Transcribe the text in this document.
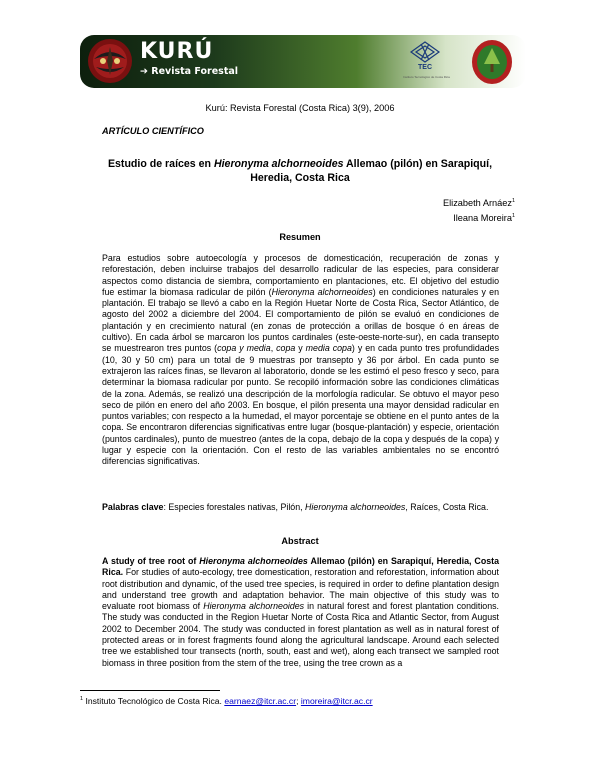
KURÚ
➔ Revista Forestal	TEC
Instituto Tecnológico de Costa Rica
Kurú: Revista Forestal (Costa Rica) 3(9), 2006
ARTÍCULO CIENTÍFICO
Estudio de raíces en Hieronyma alchorneoides Allemao (pilón) en Sarapiquí, Heredia, Costa Rica
Elizabeth Arnáez$^1$
Ileana Moreira$^1$
Resumen

Para estudios sobre autoecología y procesos de domesticación, recuperación de zonas y reforestación, deben incluirse trabajos del desarrollo radicular de las especies, para considerar aspectos como distancia de siembra, comportamiento en plantaciones, etc. El objetivo del estudio fue estimar la biomasa radicular de pilón (Hieronyma alchorneoides) en condiciones naturales y en plantación. El trabajo se llevó a cabo en la Región Huetar Norte de Costa Rica, Sector Atlántico, de agosto del 2002 a diciembre del 2004. El comportamiento de pilón se evaluó en condiciones de plantación y en crecimiento natural (en zonas de protección a orillas de bosque ó en áreas de cultivo). En cada árbol se marcaron los puntos cardinales (este-oeste-norte-sur), en cada transepto se muestrearon tres puntos (copa y media, copa y media copa) y en cada punto tres profundidades (10, 30 y 50 cm) para un total de 9 muestras por transepto y 36 por árbol. En cada punto se extrajeron las raíces finas, se llevaron al laboratorio, donde se les estimó el peso fresco y seco, para determinar la biomasa radicular por punto. Se recopiló información sobre las condiciones climáticas de la zona. Además, se realizó una descripción de la morfología radicular. Se obtuvo el mayor peso seco de pilón en enero del año 2003. En bosque, el pilón presenta una mayor densidad radicular en puntos variables; con respecto a la humedad, el mayor porcentaje se obtiene en el punto antes de la copa. Se encontraron diferencias significativas entre lugar (bosque-plantación) y especie, orientación (puntos cardinales), punto de muestreo (antes de la copa, debajo de la copa y después de la copa) y lugar y especie con la orientación. Con el resto de las variables ambientales no se encontró diferencias significativas.

Palabras clave: Especies forestales nativas, Pilón, Hieronyma alchorneoides, Raíces, Costa Rica.

Abstract

A study of tree root of Hieronyma alchorneoides Allemao (pilón) en Sarapiquí, Heredia, Costa Rica. For studies of auto-ecology, tree domestication, restoration and reforestation, information about root distribution and dynamic, of the used tree species, is required in order to define plantation design and understand tree growth and adaptation behavior. The main objective of this study was to evaluate root biomass of Hieronyma alchorneoides in natural forest and forest plantation conditions. The study was conducted in the Region Huetar Norte of Costa Rica and Atlantic Sector, from August 2002 to December 2004. The study was conducted in forest plantation as well as in natural forest of protected areas or in forest fragments found along the agricultural landscape. Around each selected tree we established tour transects (north, south, east and wet), along each transect we sampled root biomass in three position from the stem of the tree, using the tree crown as a

$^1$ Instituto Tecnológico de Costa Rica. earnaez@itcr.ac.cr; imoreira@itcr.ac.cr
